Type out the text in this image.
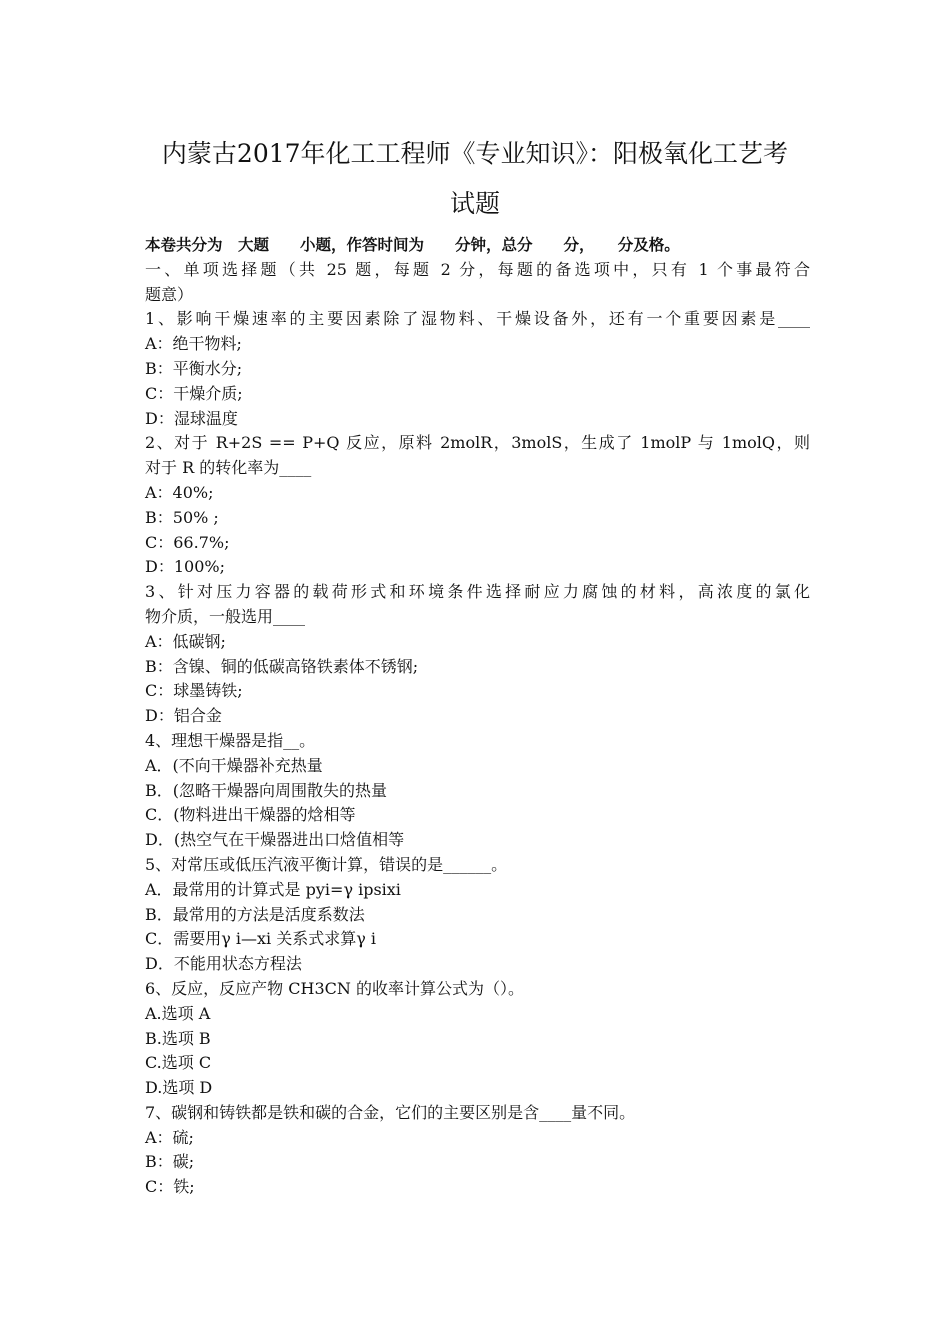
内蒙古2017年化工工程师《专业知识》：阳极氧化工艺考
试题
本卷共分为　大题　　小题，作答时间为　　分钟，总分　　分，　　分及格。
一、单项选择题（共 25 题，每题 2 分，每题的备选项中，只有 1 个事最符合
题意）
1、影响干燥速率的主要因素除了湿物料、干燥设备外，还有一个重要因素是____
A：绝干物料;
B：平衡水分;
C：干燥介质;
D：湿球温度
2、对于 R+2S == P+Q 反应，原料 2molR，3molS，生成了 1molP 与 1molQ，则
对于 R 的转化率为____
A：40%;
B：50% ;
C：66.7%;
D：100%;
3、针对压力容器的载荷形式和环境条件选择耐应力腐蚀的材料，高浓度的氯化
物介质，一般选用____
A：低碳钢;
B：含镍、铜的低碳高铬铁素体不锈钢;
C：球墨铸铁;
D：铝合金
4、理想干燥器是指__。
A．(不向干燥器补充热量
B．(忽略干燥器向周围散失的热量
C．(物料进出干燥器的焓相等
D．(热空气在干燥器进出口焓值相等
5、对常压或低压汽液平衡计算，错误的是______。
A．最常用的计算式是 pyi=γ ipsixi
B．最常用的方法是活度系数法
C．需要用γ i—xi 关系式求算γ i
D．不能用状态方程法
6、反应，反应产物 CH3CN 的收率计算公式为（）。
A.选项 A
B.选项 B
C.选项 C
D.选项 D
7、碳钢和铸铁都是铁和碳的合金，它们的主要区别是含____量不同。
A：硫;
B：碳;
C：铁;
